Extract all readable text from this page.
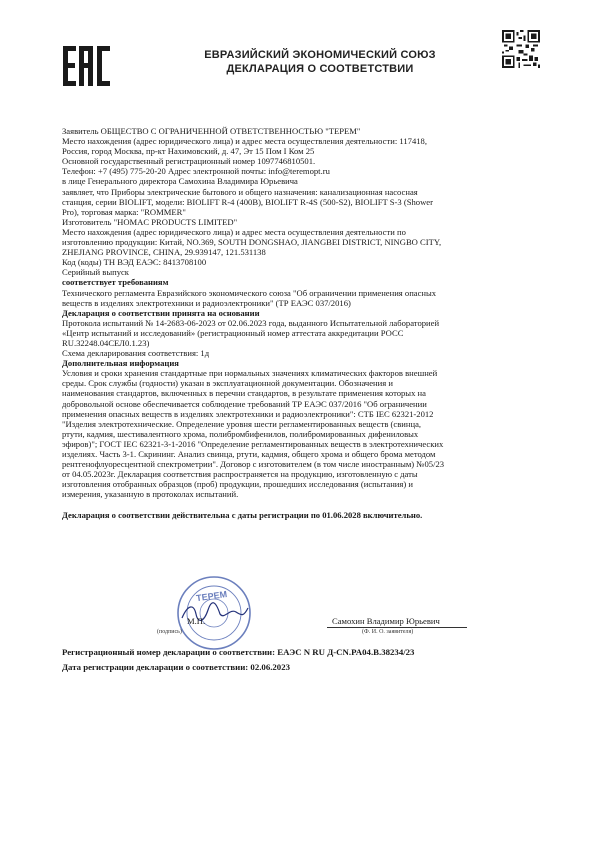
ЕВРАЗИЙСКИЙ ЭКОНОМИЧЕСКИЙ СОЮЗ
ДЕКЛАРАЦИЯ О СООТВЕТСТВИИ
Заявитель ОБЩЕСТВО С ОГРАНИЧЕННОЙ ОТВЕТСТВЕННОСТЬЮ "ТЕРЕМ"
Место нахождения (адрес юридического лица) и адрес места осуществления деятельности: 117418,
Россия, город Москва, пр-кт Нахимовский, д. 47, Эт 15 Пом I Ком 25
Основной государственный регистрационный номер 1097746810501.
Телефон: +7 (495) 775-20-20 Адрес электронной почты: info@teremopt.ru
в лице Генерального директора Самохина Владимира Юрьевича
заявляет, что Приборы электрические бытового и общего назначения: канализационная насосная
станция, серии BIOLIFT, модели: BIOLIFT R-4 (400B), BIOLIFT R-4S (500-S2), BIOLIFT S-3 (Shower
Pro), торговая марка: "ROMMER"
Изготовитель "HOMAC PRODUCTS LIMITED"
Место нахождения (адрес юридического лица) и адрес места осуществления деятельности по
изготовлению продукции: Китай, NO.369, SOUTH DONGSHAO, JIANGBEI DISTRICT, NINGBO CITY,
ZHEJIANG PROVINCE, CHINA, 29.939147, 121.531138
Код (коды) ТН ВЭД ЕАЭС: 8413708100
Серийный выпуск
соответствует требованиям
Технического регламента Евразийского экономического союза "Об ограничении применения опасных
веществ в изделиях электротехники и радиоэлектроники" (ТР ЕАЭС 037/2016)
Декларация о соответствии принята на основании
Протокола испытаний № 14-2683-06-2023 от 02.06.2023 года, выданного Испытательной лабораторией
«Центр испытаний и исследований» (регистрационный номер аттестата аккредитации РОСС
RU.32248.04СЕЛ0.1.23)
Схема декларирования соответствия: 1д
Дополнительная информация
Условия и сроки хранения стандартные при нормальных значениях климатических факторов внешней
среды. Срок службы (годности) указан в эксплуатационной документации. Обозначения и
наименования стандартов, включенных в перечни стандартов, в результате применения которых на
добровольной основе обеспечивается соблюдение требований ТР ЕАЭС 037/2016 "Об ограничении
применения опасных веществ в изделиях электротехники и радиоэлектроники": СТБ IEC 62321-2012
"Изделия электротехнические. Определение уровня шести регламентированных веществ (свинца,
ртути, кадмия, шестивалентного хрома, полибромбифенилов, полибромированных дифениловых
эфиров)"; ГОСТ IEC 62321-3-1-2016 "Определение регламентированных веществ в электротехнических
изделиях. Часть 3-1. Скрининг. Анализ свинца, ртути, кадмия, общего хрома и общего брома методом
рентгенофлуоресцентной спектрометрии". Договор с изготовителем (в том числе иностранным) №05/23
от 04.05.2023г. Декларация соответствия распространяется на продукцию, изготовленную с даты
изготовления отобранных образцов (проб) продукции, прошедших исследования (испытания) и
измерения, указанную в протоколах испытаний.

Декларация о соответствии действительна с даты регистрации по 01.06.2028 включительно.
ТЕРЕМ
М.П.
(подпись)
Самохин Владимир Юрьевич
(Ф. И. О. заявителя)
Регистрационный номер декларации о соответствии: ЕАЭС N RU Д-CN.PA04.B.38234/23
Дата регистрации декларации о соответствии: 02.06.2023
